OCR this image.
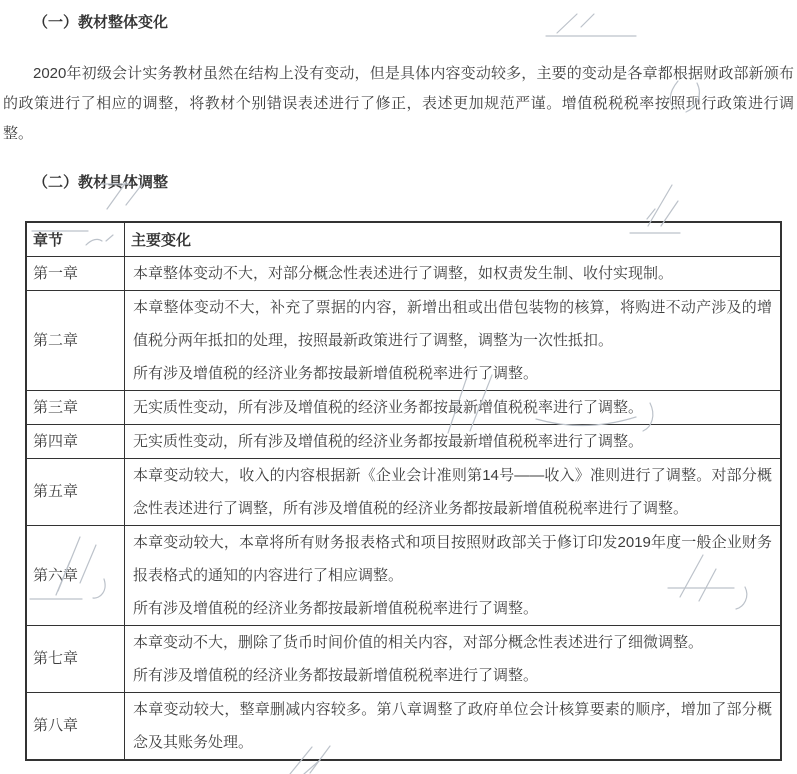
（一）教材整体变化

2020年初级会计实务教材虽然在结构上没有变动，但是具体内容变动较多，主要的变动是各章都根据财政部新颁布的政策进行了相应的调整，将教材个别错误表述进行了修正，表述更加规范严谨。增值税税税率按照现行政策进行调整。

（二）教材具体调整
章节	主要变化
第一章	本章整体变动不大，对部分概念性表述进行了调整，如权责发生制、收付实现制。

第二章	本章整体变动不大，补充了票据的内容，新增出租或出借包装物的核算，将购进不动产涉及的增值税分两年抵扣的处理，按照最新政策进行了调整，调整为一次性抵扣。
所有涉及增值税的经济业务都按最新增值税税率进行了调整。

第三章	无实质性变动，所有涉及增值税的经济业务都按最新增值税税率进行了调整。

第四章	无实质性变动，所有涉及增值税的经济业务都按最新增值税税率进行了调整。

第五章	本章变动较大，收入的内容根据新《企业会计准则第14号——收入》准则进行了调整。对部分概念性表述进行了调整，所有涉及增值税的经济业务都按最新增值税税率进行了调整。

第六章	本章变动较大，本章将所有财务报表格式和项目按照财政部关于修订印发2019年度一般企业财务报表格式的通知的内容进行了相应调整。
所有涉及增值税的经济业务都按最新增值税税率进行了调整。

第七章	本章变动不大，删除了货币时间价值的相关内容，对部分概念性表述进行了细微调整。
所有涉及增值税的经济业务都按最新增值税税率进行了调整。

第八章	本章变动较大，整章删减内容较多。第八章调整了政府单位会计核算要素的顺序，增加了部分概念及其账务处理。
